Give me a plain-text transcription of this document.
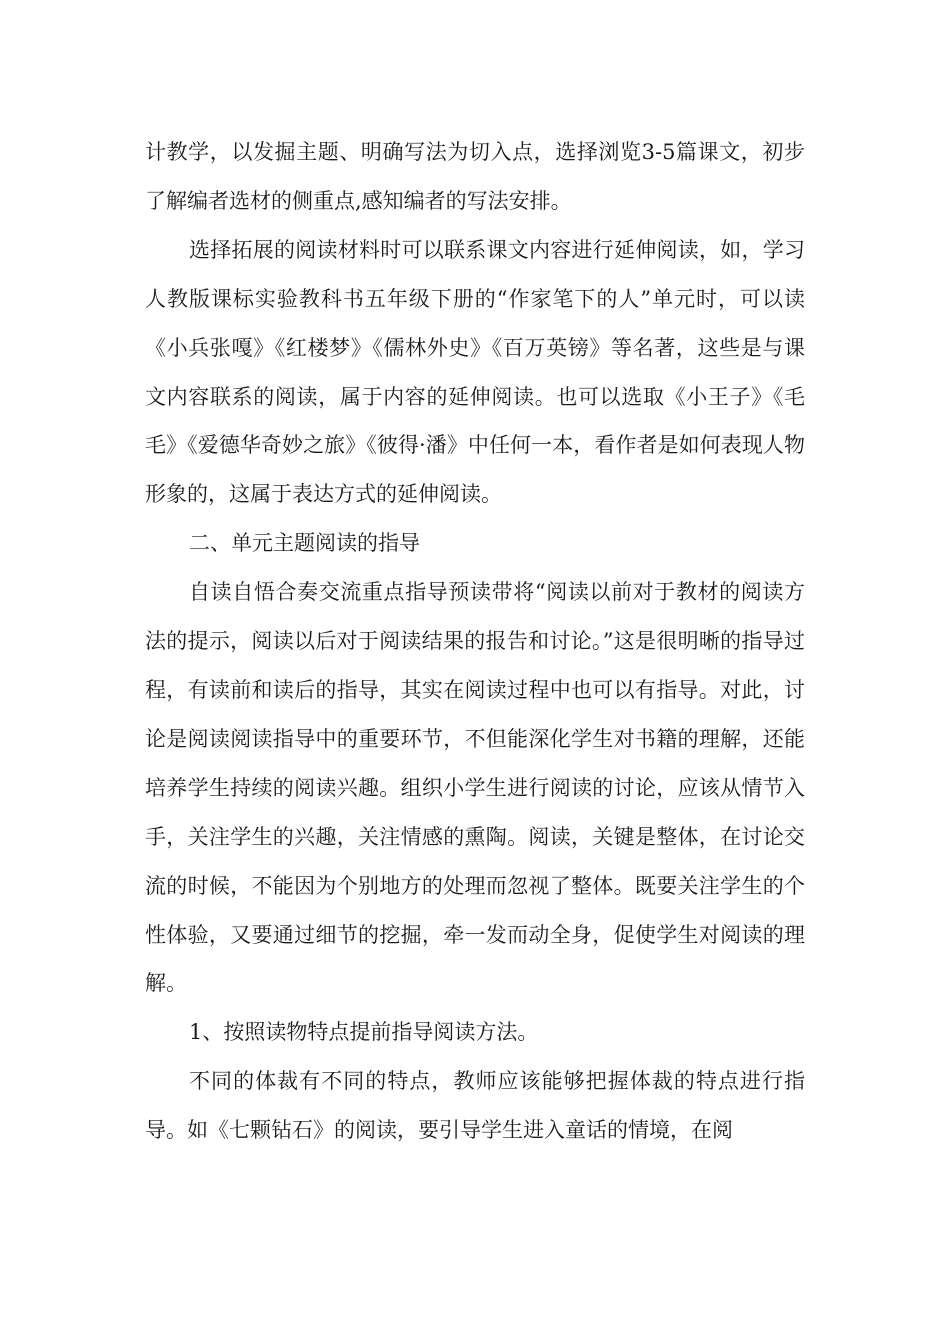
计教学，以发掘主题、明确写法为切入点，选择浏览3-5篇课文，初步了解编者选材的侧重点,感知编者的写法安排。

选择拓展的阅读材料时可以联系课文内容进行延伸阅读，如，学习人教版课标实验教科书五年级下册的“作家笔下的人”单元时，可以读《小兵张嘎》《红楼梦》《儒林外史》《百万英镑》等名著，这些是与课文内容联系的阅读，属于内容的延伸阅读。也可以选取《小王子》《毛毛》《爱德华奇妙之旅》《彼得·潘》中任何一本，看作者是如何表现人物形象的，这属于表达方式的延伸阅读。

二、单元主题阅读的指导

自读自悟合奏交流重点指导预读带将“阅读以前对于教材的阅读方法的提示，阅读以后对于阅读结果的报告和讨论。”这是很明晰的指导过程，有读前和读后的指导，其实在阅读过程中也可以有指导。对此，讨论是阅读阅读指导中的重要环节，不但能深化学生对书籍的理解，还能培养学生持续的阅读兴趣。组织小学生进行阅读的讨论，应该从情节入手，关注学生的兴趣，关注情感的熏陶。阅读，关键是整体，在讨论交流的时候，不能因为个别地方的处理而忽视了整体。既要关注学生的个性体验，又要通过细节的挖掘，牵一发而动全身，促使学生对阅读的理解。

1、按照读物特点提前指导阅读方法。

不同的体裁有不同的特点，教师应该能够把握体裁的特点进行指导。如《七颗钻石》的阅读，要引导学生进入童话的情境，在阅
